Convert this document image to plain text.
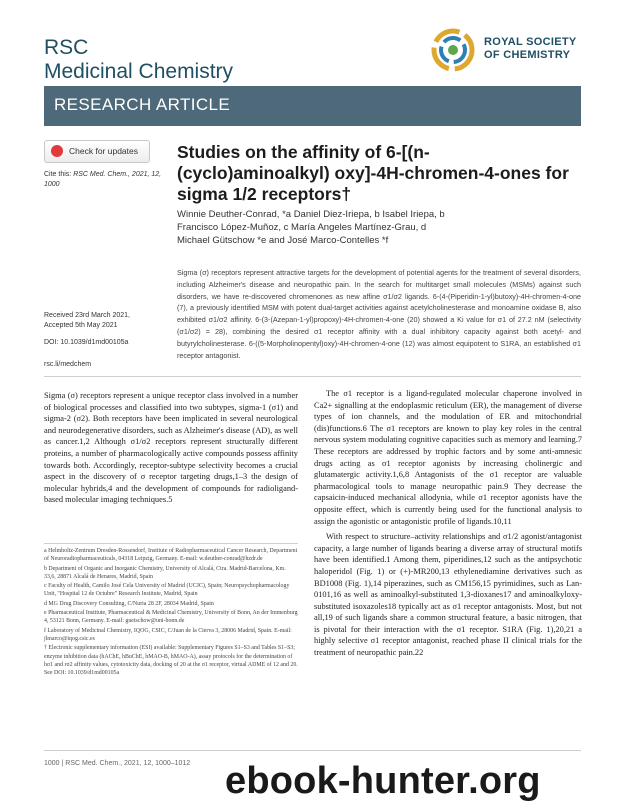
RSC
Medicinal Chemistry
ROYAL SOCIETY
OF CHEMISTRY
RESEARCH ARTICLE
Check for updates
Cite this: RSC Med. Chem., 2021, 12, 1000
Received 23rd March 2021,
Accepted 5th May 2021
DOI: 10.1039/d1md00105a
rsc.li/medchem
Studies on the affinity of 6-[(n-(cyclo)aminoalkyl) oxy]-4H-chromen-4-ones for sigma 1/2 receptors†
Winnie Deuther-Conrad, *a Daniel Diez-Iriepa, b Isabel Iriepa, b
Francisco López-Muñoz, c María Angeles Martínez-Grau, d
Michael Gütschow *e and José Marco-Contelles *f
Sigma (σ) receptors represent attractive targets for the development of potential agents for the treatment of several disorders, including Alzheimer's disease and neuropathic pain. In the search for multitarget small molecules (MSMs) against such disorders, we have re-discovered chromenones as new affine σ1/σ2 ligands. 6-(4-(Piperidin-1-yl)butoxy)-4H-chromen-4-one (7), a previously identified MSM with potent dual-target activities against acetylcholinesterase and monoamine oxidase B, also exhibited σ1/σ2 affinity. 6-(3-(Azepan-1-yl)propoxy)-4H-chromen-4-one (20) showed a Ki value for σ1 of 27.2 nM (selectivity (σ1/σ2) = 28), combining the desired σ1 receptor affinity with a dual inhibitory capacity against both acetyl- and butyrylcholinesterase. 6-((5-Morpholinopentyl)oxy)-4H-chromen-4-one (12) was almost equipotent to S1RA, an established σ1 receptor antagonist.

Sigma (σ) receptors represent a unique receptor class involved in a number of biological processes and classified into two subtypes, sigma-1 (σ1) and sigma-2 (σ2). Both receptors have been implicated in several neurological and neurodegenerative disorders, such as Alzheimer's disease (AD), as well as cancer.1,2 Although σ1/σ2 receptors represent structurally different proteins, a number of pharmacologically active compounds possess affinity towards both. Accordingly, receptor-subtype selectivity becomes a crucial aspect in the discovery of σ receptor targeting drugs,1–3 the design of molecular hybrids,4 and the development of compounds for radioligand-based molecular imaging techniques.5

a Helmholtz-Zentrum Dresden-Rossendorf, Institute of Radiopharmaceutical Cancer Research, Department of Neuroradiopharmaceuticals, 04318 Leipzig, Germany. E-mail: w.deuther-conrad@hzdr.de

b Department of Organic and Inorganic Chemistry, University of Alcalá, Ctra. Madrid-Barcelona, Km. 33,6, 28871 Alcalá de Henares, Madrid, Spain

c Faculty of Health, Camilo José Cela University of Madrid (UCJC), Spain; Neuropsychopharmacology Unit, "Hospital 12 de Octubre" Research Institute, Madrid, Spain

d MG Drug Discovery Consulting, C/Nuria 28 2F, 28034 Madrid, Spain

e Pharmaceutical Institute, Pharmaceutical & Medicinal Chemistry, University of Bonn, An der Immenburg 4, 53121 Bonn, Germany. E-mail: guetschow@uni-bonn.de

f Laboratory of Medicinal Chemistry, IQOG, CSIC, C/Juan de la Cierva 3, 28006 Madrid, Spain. E-mail: jlmarco@iqog.csic.es

† Electronic supplementary information (ESI) available: Supplementary Figures S1–S3 and Tables S1–S3; enzyme inhibition data (hAChE, hBuChE, hMAO-B, hMAO-A), assay protocols for the determination of hσ1 and rσ2 affinity values, cytotoxicity data, docking of 20 at the σ1 receptor, virtual ADME of 12 and 20. See DOI: 10.1039/d1md00105a

The σ1 receptor is a ligand-regulated molecular chaperone involved in Ca2+ signalling at the endoplasmic reticulum (ER), the management of diverse types of ion channels, and the modulation of ER and mitochondrial (dis)functions.6 The σ1 receptors are known to play key roles in the central nervous system modulating cognitive capacities such as memory and learning.7 These receptors are addressed by trophic factors and by some anti-amnesic drugs acting as σ1 receptor agonists by increasing cholinergic and glutamatergic activity.1,6,8 Antagonists of the σ1 receptor are valuable pharmacological tools to manage neuropathic pain.9 They decrease the capsaicin-induced mechanical allodynia, while σ1 receptor agonists have the opposite effect, which is currently being used for the functional analysis to assign the agonistic or antagonistic profile of ligands.10,11

With respect to structure–activity relationships and σ1/2 agonist/antagonist capacity, a large number of ligands bearing a diverse array of structural motifs have been identified.1 Among them, piperidines,12 such as the antipsychotic haloperidol (Fig. 1) or (+)-MR200,13 ethylenediamine derivatives such as BD1008 (Fig. 1),14 piperazines, such as CM156,15 pyrimidines, such as Lan-0101,16 as well as aminoalkyl-substituted 1,3-dioxanes17 and aminoalkyloxy-substituted isoxazoles18 typically act as σ1 receptor antagonists. Most, but not all,19 of such ligands share a common structural feature, a basic nitrogen, that is pivotal for their interaction with the σ1 receptor. S1RA (Fig. 1),20,21 a highly selective σ1 receptor antagonist, reached phase II clinical trials for the treatment of neuropathic pain.22

1000 | RSC Med. Chem., 2021, 12, 1000–1012 ebook-hunter.org
